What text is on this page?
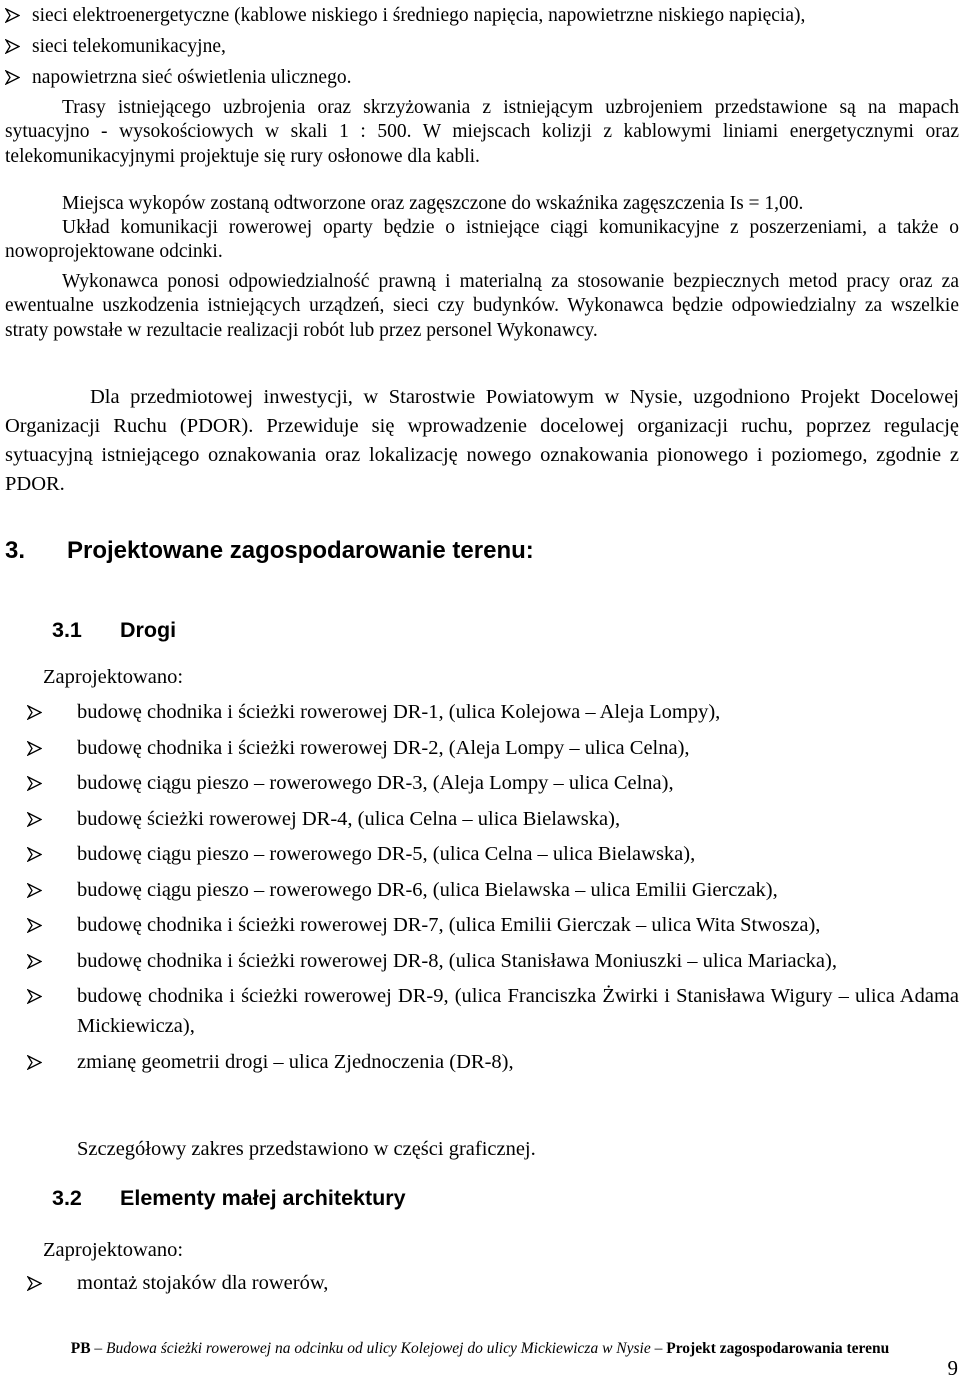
sieci elektroenergetyczne (kablowe niskiego i średniego napięcia, napowietrzne niskiego napięcia),
sieci telekomunikacyjne,
napowietrzna sieć oświetlenia ulicznego.

Trasy istniejącego uzbrojenia oraz skrzyżowania z istniejącym uzbrojeniem przedstawione są na mapach sytuacyjno - wysokościowych w skali 1 : 500. W miejscach kolizji z kablowymi liniami energetycznymi oraz telekomunikacyjnymi projektuje się rury osłonowe dla kabli.

Miejsca wykopów zostaną odtworzone oraz zagęszczone do wskaźnika zagęszczenia Is = 1,00.

Układ komunikacji rowerowej oparty będzie o istniejące ciągi komunikacyjne z poszerzeniami, a także o nowoprojektowane odcinki.

Wykonawca ponosi odpowiedzialność prawną i materialną za stosowanie bezpiecznych metod pracy oraz za ewentualne uszkodzenia istniejących urządzeń, sieci czy budynków. Wykonawca będzie odpowiedzialny za wszelkie straty powstałe w rezultacie realizacji robót lub przez personel Wykonawcy.

Dla przedmiotowej inwestycji, w Starostwie Powiatowym w Nysie, uzgodniono Projekt Docelowej Organizacji Ruchu (PDOR). Przewiduje się wprowadzenie docelowej organizacji ruchu, poprzez regulację sytuacyjną istniejącego oznakowania oraz lokalizację nowego oznakowania pionowego i poziomego, zgodnie z PDOR.

3. Projektowane zagospodarowanie terenu:
3.1 Drogi

Zaprojektowano:

budowę chodnika i ścieżki rowerowej DR-1, (ulica Kolejowa – Aleja Lompy),
budowę chodnika i ścieżki rowerowej DR-2, (Aleja Lompy – ulica Celna),
budowę ciągu pieszo – rowerowego DR-3, (Aleja Lompy – ulica Celna),
budowę ścieżki rowerowej DR-4, (ulica Celna – ulica Bielawska),
budowę ciągu pieszo – rowerowego DR-5, (ulica Celna – ulica Bielawska),
budowę ciągu pieszo – rowerowego DR-6, (ulica Bielawska – ulica Emilii Gierczak),
budowę chodnika i ścieżki rowerowej DR-7, (ulica Emilii Gierczak – ulica Wita Stwosza),
budowę chodnika i ścieżki rowerowej DR-8, (ulica Stanisława Moniuszki – ulica Mariacka),
budowę chodnika i ścieżki rowerowej DR-9, (ulica Franciszka Żwirki i Stanisława Wigury – ulica Adama Mickiewicza),
zmianę geometrii drogi – ulica Zjednoczenia (DR-8),

Szczegółowy zakres przedstawiono w części graficznej.

3.2 Elementy małej architektury

Zaprojektowano:

montaż stojaków dla rowerów,
PB – Budowa ścieżki rowerowej na odcinku od ulicy Kolejowej do ulicy Mickiewicza w Nysie – Projekt zagospodarowania terenu
9
